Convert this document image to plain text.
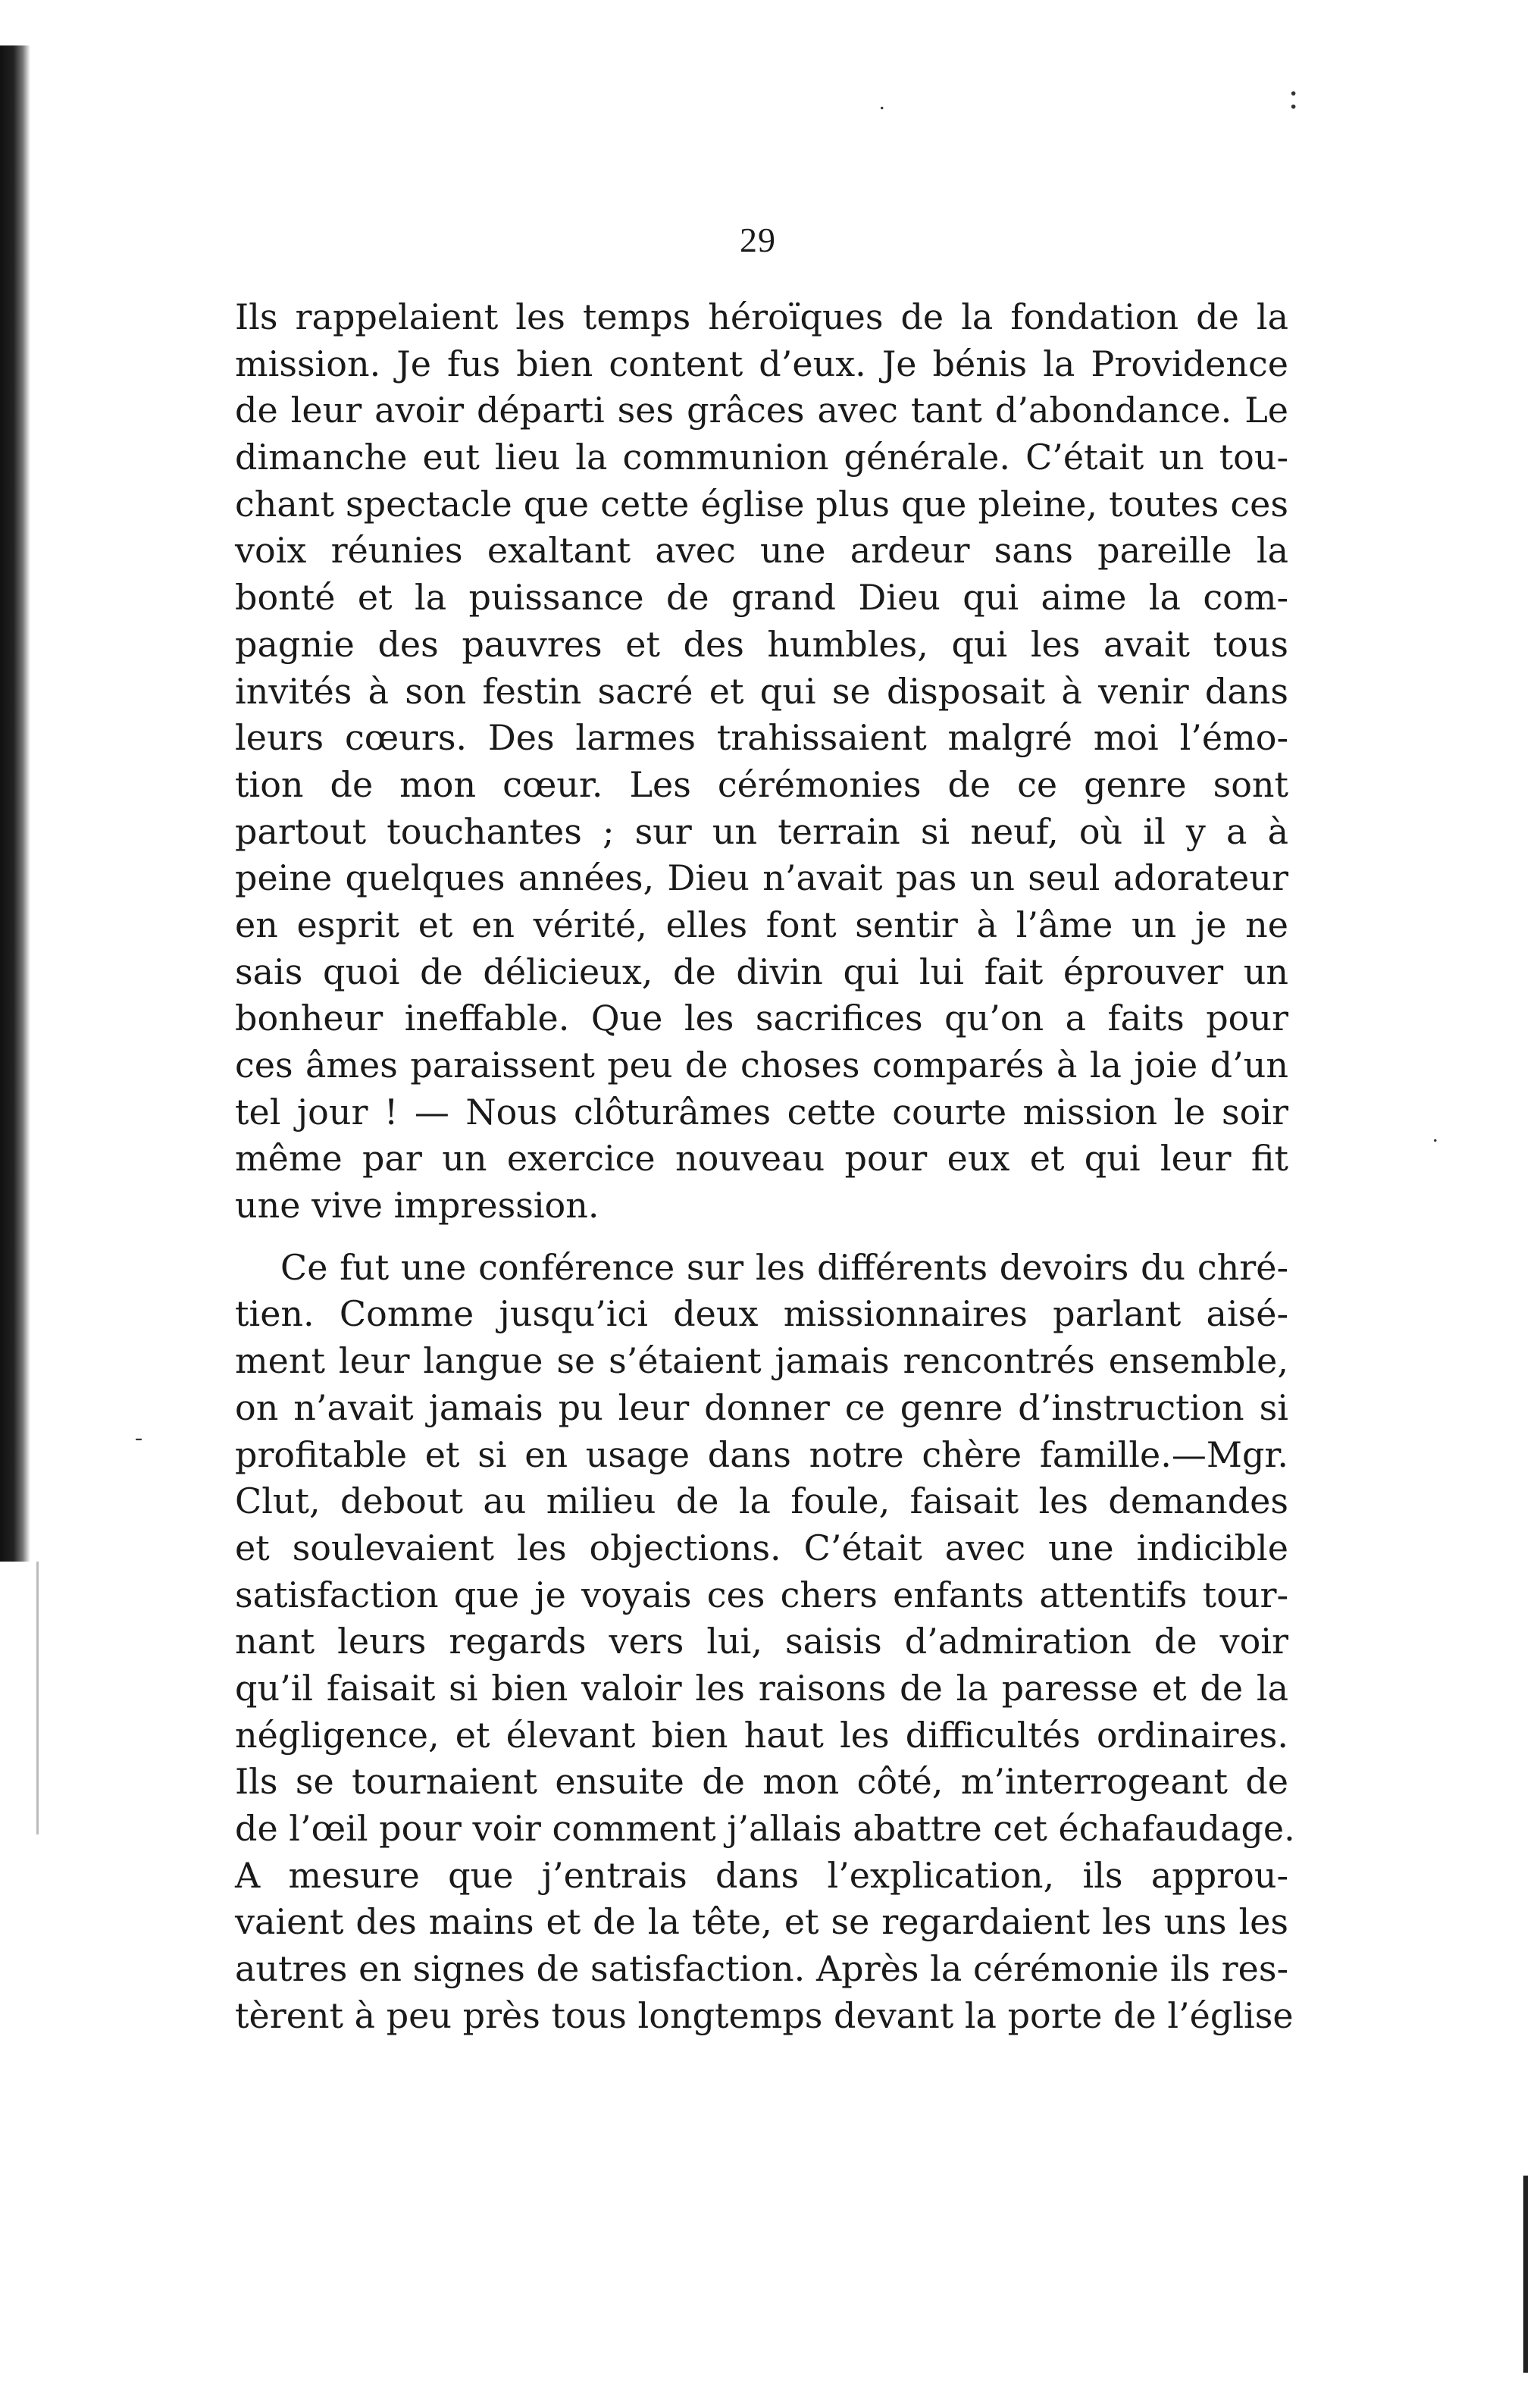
:
.
.
-
29
Ils rappelaient les temps héroïques de la fondation de la
mission. Je fus bien content d’eux. Je bénis la Providence
de leur avoir départi ses grâces avec tant d’abondance. Le
dimanche eut lieu la communion générale. C’était un tou-
chant spectacle que cette église plus que pleine, toutes ces
voix réunies exaltant avec une ardeur sans pareille la
bonté et la puissance de grand Dieu qui aime la com-
pagnie des pauvres et des humbles, qui les avait tous
invités à son festin sacré et qui se disposait à venir dans
leurs cœurs. Des larmes trahissaient malgré moi l’émo-
tion de mon cœur. Les cérémonies de ce genre sont
partout touchantes ; sur un terrain si neuf, où il y a à
peine quelques années, Dieu n’avait pas un seul adorateur
en esprit et en vérité, elles font sentir à l’âme un je ne
sais quoi de délicieux, de divin qui lui fait éprouver un
bonheur ineffable. Que les sacrifices qu’on a faits pour
ces âmes paraissent peu de choses comparés à la joie d’un
tel jour ! — Nous clôturâmes cette courte mission le soir
même par un exercice nouveau pour eux et qui leur fit
une vive impression.
Ce fut une conférence sur les différents devoirs du chré-
tien. Comme jusqu’ici deux missionnaires parlant aisé-
ment leur langue se s’étaient jamais rencontrés ensemble,
on n’avait jamais pu leur donner ce genre d’instruction si
profitable et si en usage dans notre chère famille.—Mgr.
Clut, debout au milieu de la foule, faisait les demandes
et soulevaient les objections. C’était avec une indicible
satisfaction que je voyais ces chers enfants attentifs tour-
nant leurs regards vers lui, saisis d’admiration de voir
qu’il faisait si bien valoir les raisons de la paresse et de la
négligence, et élevant bien haut les difficultés ordinaires.
Ils se tournaient ensuite de mon côté, m’interrogeant de
de l’œil pour voir comment j’allais abattre cet échafaudage.
A mesure que j’entrais dans l’explication, ils approu-
vaient des mains et de la tête, et se regardaient les uns les
autres en signes de satisfaction. Après la cérémonie ils res-
tèrent à peu près tous longtemps devant la porte de l’église
